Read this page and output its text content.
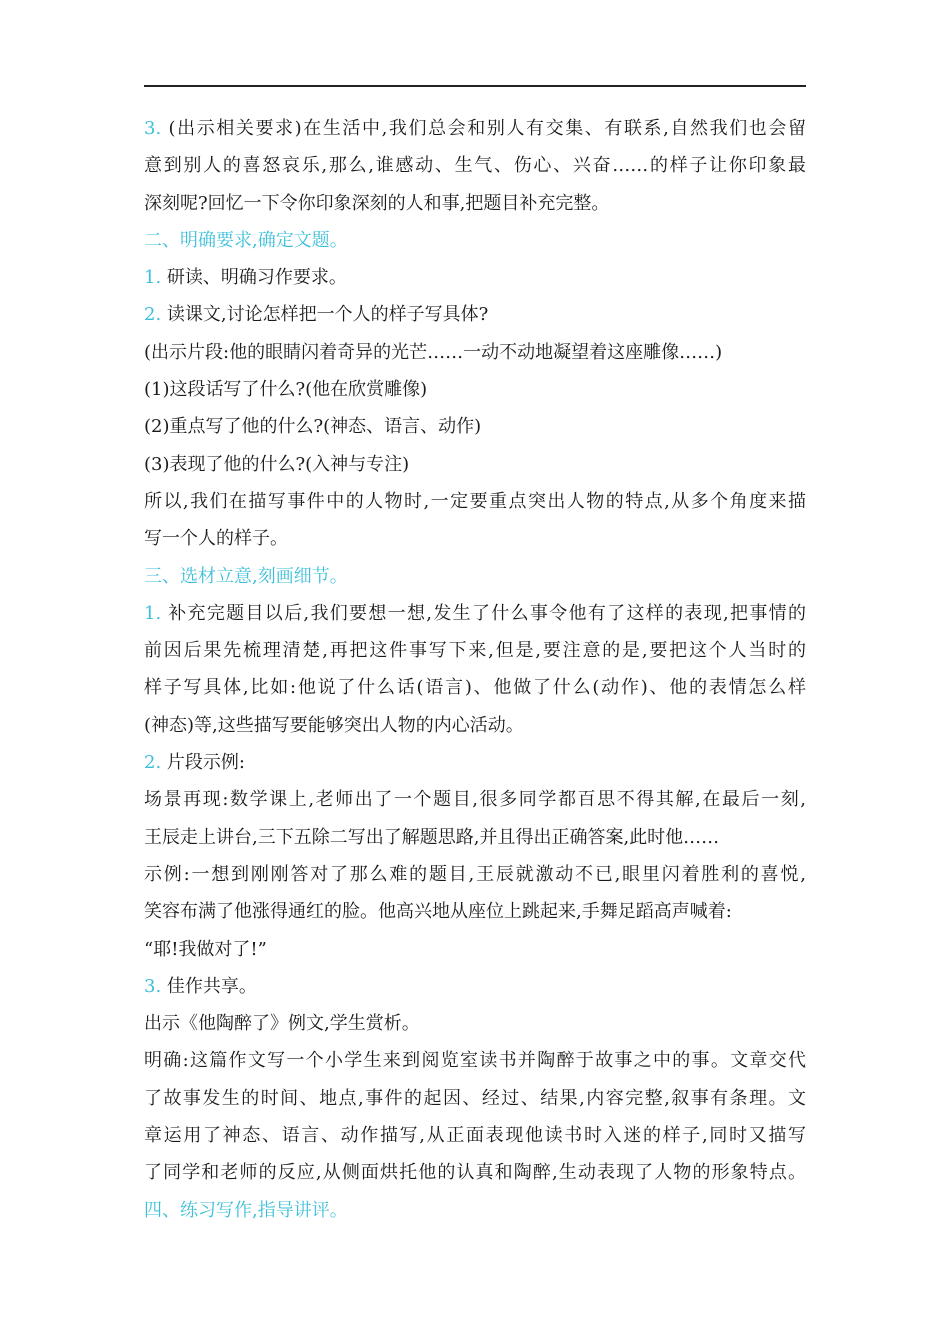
3. (出示相关要求)在生活中,我们总会和别人有交集、有联系,自然我们也会留
意到别人的喜怒哀乐,那么,谁感动、生气、伤心、兴奋……的样子让你印象最
深刻呢?回忆一下令你印象深刻的人和事,把题目补充完整。
二、明确要求,确定文题。
1. 研读、明确习作要求。
2. 读课文,讨论怎样把一个人的样子写具体?
(出示片段:他的眼睛闪着奇异的光芒……一动不动地凝望着这座雕像……)
(1)这段话写了什么?(他在欣赏雕像)
(2)重点写了他的什么?(神态、语言、动作)
(3)表现了他的什么?(入神与专注)
所以,我们在描写事件中的人物时,一定要重点突出人物的特点,从多个角度来描
写一个人的样子。
三、选材立意,刻画细节。
1. 补充完题目以后,我们要想一想,发生了什么事令他有了这样的表现,把事情的
前因后果先梳理清楚,再把这件事写下来,但是,要注意的是,要把这个人当时的
样子写具体,比如:他说了什么话(语言)、他做了什么(动作)、他的表情怎么样
(神态)等,这些描写要能够突出人物的内心活动。
2. 片段示例:
场景再现:数学课上,老师出了一个题目,很多同学都百思不得其解,在最后一刻,
王辰走上讲台,三下五除二写出了解题思路,并且得出正确答案,此时他……
示例:一想到刚刚答对了那么难的题目,王辰就激动不已,眼里闪着胜利的喜悦,
笑容布满了他涨得通红的脸。他高兴地从座位上跳起来,手舞足蹈高声喊着:
“耶!我做对了!”
3. 佳作共享。
出示《他陶醉了》例文,学生赏析。
明确:这篇作文写一个小学生来到阅览室读书并陶醉于故事之中的事。文章交代
了故事发生的时间、地点,事件的起因、经过、结果,内容完整,叙事有条理。文
章运用了神态、语言、动作描写,从正面表现他读书时入迷的样子,同时又描写
了同学和老师的反应,从侧面烘托他的认真和陶醉,生动表现了人物的形象特点。
四、练习写作,指导讲评。
